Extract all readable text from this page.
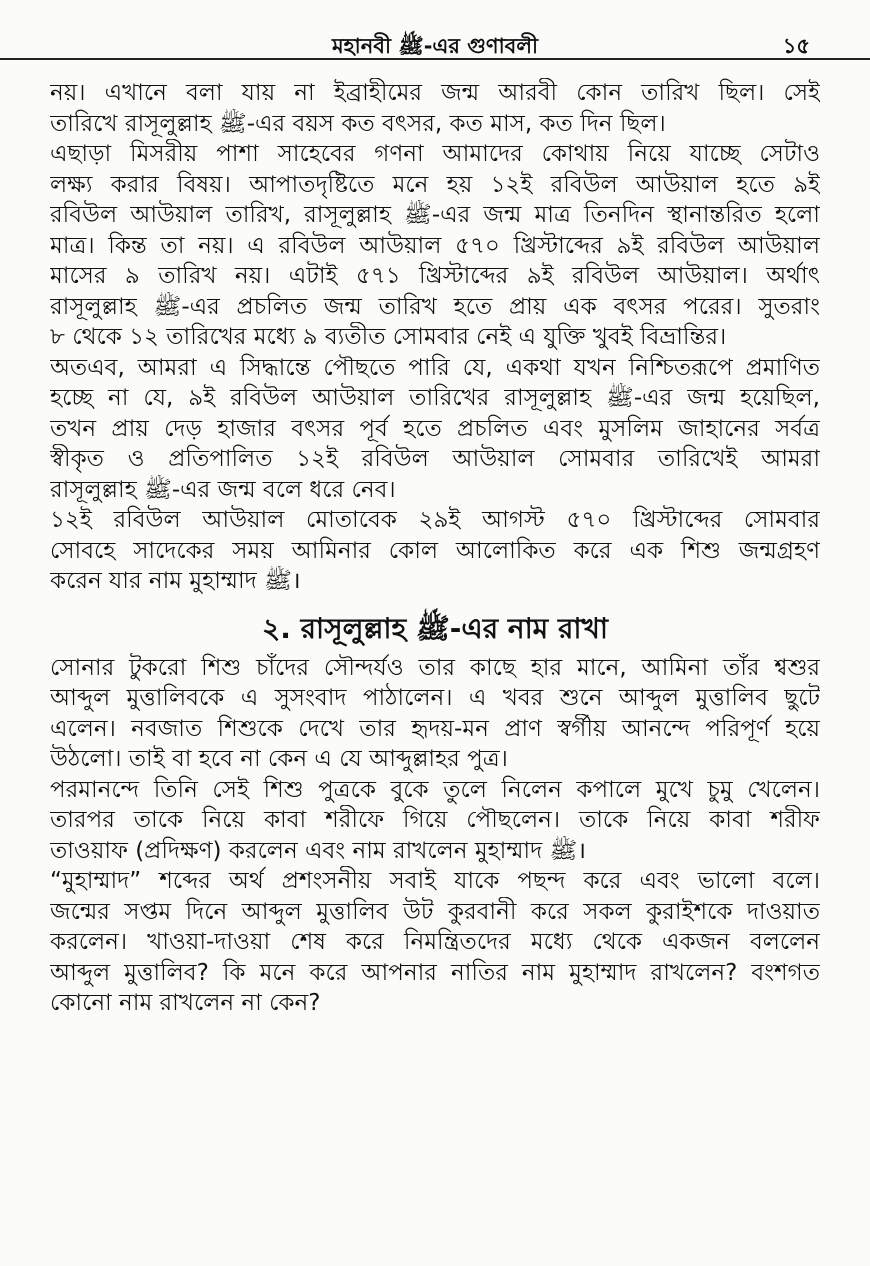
মহানবী ﷺ-এর গুণাবলী	১৫
নয়। এখানে বলা যায় না ইব্রাহীমের জন্ম আরবী কোন তারিখ ছিল। সেই
তারিখে রাসূলুল্লাহ ﷺ-এর বয়স কত বৎসর, কত মাস, কত দিন ছিল।
এছাড়া মিসরীয় পাশা সাহেবের গণনা আমাদের কোথায় নিয়ে যাচ্ছে সেটাও
লক্ষ্য করার বিষয়। আপাতদৃষ্টিতে মনে হয় ১২ই রবিউল আউয়াল হতে ৯ই
রবিউল আউয়াল তারিখ, রাসূলুল্লাহ ﷺ-এর জন্ম মাত্র তিনদিন স্থানান্তরিত হলো
মাত্র। কিন্ত তা নয়। এ রবিউল আউয়াল ৫৭০ খ্রিস্টাব্দের ৯ই রবিউল আউয়াল
মাসের ৯ তারিখ নয়। এটাই ৫৭১ খ্রিস্টাব্দের ৯ই রবিউল আউয়াল। অর্থাৎ
রাসূলুল্লাহ ﷺ-এর প্রচলিত জন্ম তারিখ হতে প্রায় এক বৎসর পরের। সুতরাং
৮ থেকে ১২ তারিখের মধ্যে ৯ ব্যতীত সোমবার নেই এ যুক্তি খুবই বিভ্রান্তির।
অতএব, আমরা এ সিদ্ধান্তে পৌছতে পারি যে, একথা যখন নিশ্চিতরূপে প্রমাণিত
হচ্ছে না যে, ৯ই রবিউল আউয়াল তারিখের রাসূলুল্লাহ ﷺ-এর জন্ম হয়েছিল,
তখন প্রায় দেড় হাজার বৎসর পূর্ব হতে প্রচলিত এবং মুসলিম জাহানের সর্বত্র
স্বীকৃত ও প্রতিপালিত ১২ই রবিউল আউয়াল সোমবার তারিখেই আমরা
রাসূলুল্লাহ ﷺ-এর জন্ম বলে ধরে নেব।
১২ই রবিউল আউয়াল মোতাবেক ২৯ই আগস্ট ৫৭০ খ্রিস্টাব্দের সোমবার
সোবহে সাদেকের সময় আমিনার কোল আলোকিত করে এক শিশু জন্মগ্রহণ
করেন যার নাম মুহাম্মাদ ﷺ।
২. রাসূলুল্লাহ ﷺ-এর নাম রাখা
সোনার টুকরো শিশু চাঁদের সৌন্দর্যও তার কাছে হার মানে, আমিনা তাঁর শ্বশুর
আব্দুল মুত্তালিবকে এ সুসংবাদ পাঠালেন। এ খবর শুনে আব্দুল মুত্তালিব ছুটে
এলেন। নবজাত শিশুকে দেখে তার হৃদয়-মন প্রাণ স্বর্গীয় আনন্দে পরিপূর্ণ হয়ে
উঠলো। তাই বা হবে না কেন এ যে আব্দুল্লাহর পুত্র।
পরমানন্দে তিনি সেই শিশু পুত্রকে বুকে তুলে নিলেন কপালে মুখে চুমু খেলেন।
তারপর তাকে নিয়ে কাবা শরীফে গিয়ে পৌছলেন। তাকে নিয়ে কাবা শরীফ
তাওয়াফ (প্রদিক্ষণ) করলেন এবং নাম রাখলেন মুহাম্মাদ ﷺ।
“মুহাম্মাদ” শব্দের অর্থ প্রশংসনীয় সবাই যাকে পছন্দ করে এবং ভালো বলে।
জন্মের সপ্তম দিনে আব্দুল মুত্তালিব উট কুরবানী করে সকল কুরাইশকে দাওয়াত
করলেন। খাওয়া-দাওয়া শেষ করে নিমন্ত্রিতদের মধ্যে থেকে একজন বললেন
আব্দুল মুত্তালিব? কি মনে করে আপনার নাতির নাম মুহাম্মাদ রাখলেন? বংশগত
কোনো নাম রাখলেন না কেন?
